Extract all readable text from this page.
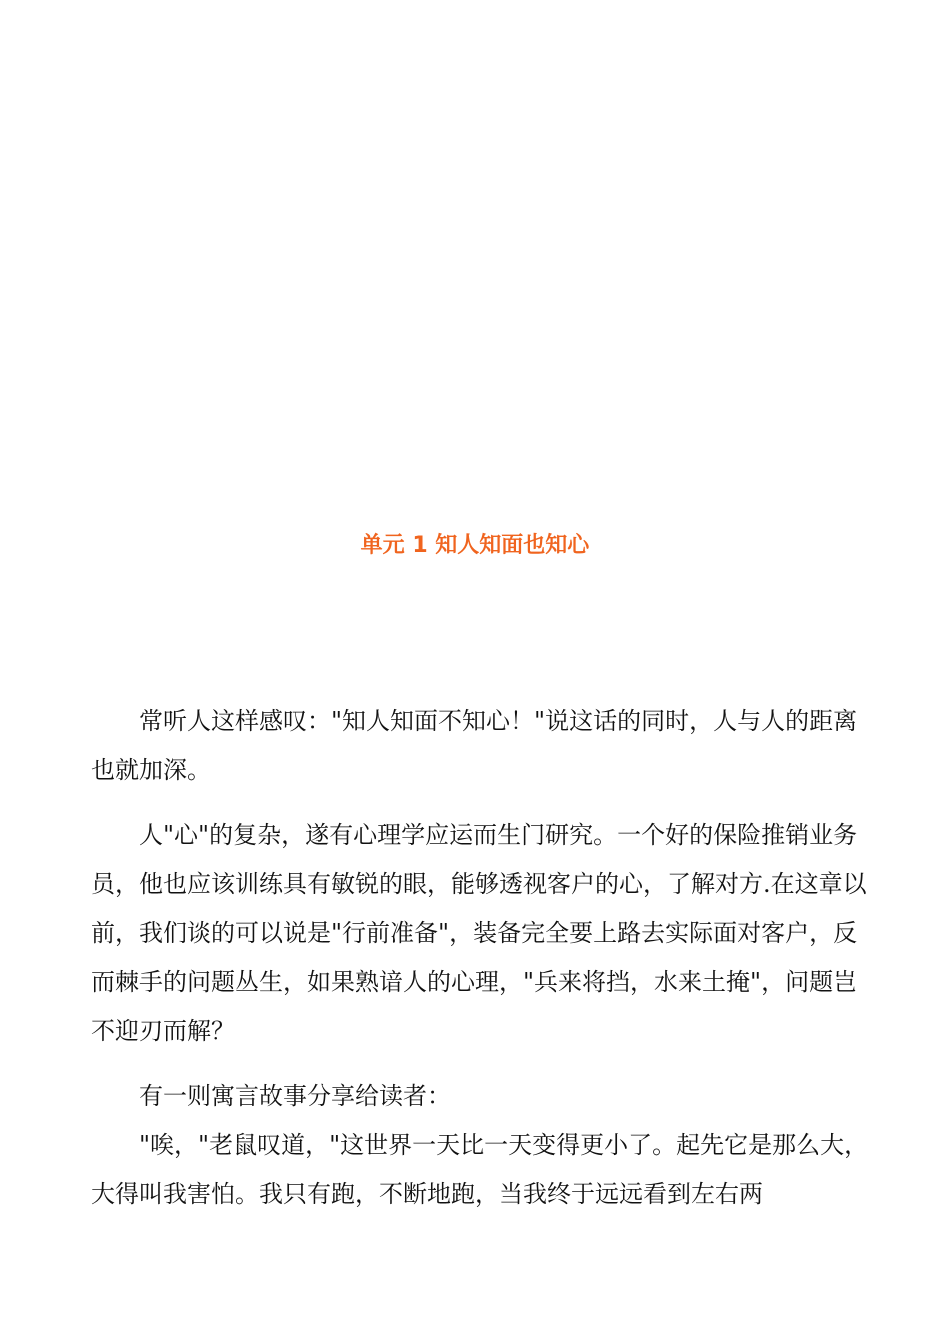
单元 1 知人知面也知心

常听人这样感叹："知人知面不知心！"说这话的同时，人与人的距离也就加深。

人"心"的复杂，遂有心理学应运而生门研究。一个好的保险推销业务员，他也应该训练具有敏锐的眼，能够透视客户的心，了解对方.在这章以前，我们谈的可以说是"行前准备"，装备完全要上路去实际面对客户，反而棘手的问题丛生，如果熟谙人的心理，"兵来将挡，水来土掩"，问题岂不迎刃而解？

有一则寓言故事分享给读者：

"唉，"老鼠叹道，"这世界一天比一天变得更小了。起先它是那么大，大得叫我害怕。我只有跑，不断地跑，当我终于远远看到左右两
